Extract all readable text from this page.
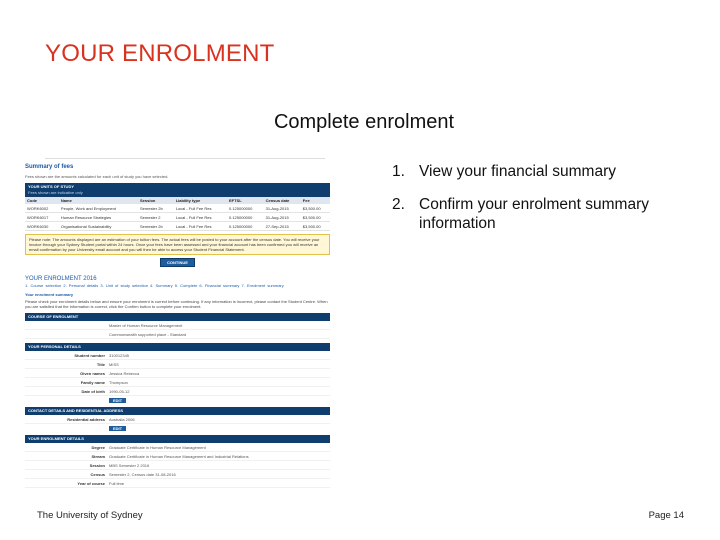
YOUR ENROLMENT
Complete enrolment
Summary of fees
Fees shown are the amounts calculated for each unit of study you have selected.
YOUR UNITS OF STUDY
Fees shown are indicative only
Code	Name	Session	Liability type	EFTSL	Census date	Fee
WORK6002	People, Work and Employment	Semester 2b	Local - Full Fee Res	0.125000000	31-Aug-2015	$3,500.00
WORK6017	Human Resource Strategies	Semester 2	Local - Full Fee Res	0.125000000	31-Aug-2015	$3,500.00
WORK6030	Organisational Sustainability	Semester 2b	Local - Full Fee Res	0.125000000	27-Sep-2015	$3,500.00
Please note: The amounts displayed are an estimation of your tuition fees. The actual fees will be posted to your account after the census date. You will receive your invoice through your Sydney Student portal within 24 hours. Once your fees have been assessed and your financial account has been confirmed you will receive an email confirmation by your University email account and you will then be able to access your Student Financial Statement.
CONTINUE
YOUR ENROLMENT 2016
1. Course selection 2. Personal details 3. Unit of study selection 4. Summary 5. Complete 6. Financial summary 7. Enrolment summary
Your enrolment summary
Please check your enrolment details below and ensure your enrolment is correct before continuing. If any information is incorrect, please contact the Student Centre. When you are satisfied that the information is correct, click the Confirm button to complete your enrolment.
COURSE OF ENROLMENT
Master of Human Resource Management
Commonwealth supported place - Standard
YOUR PERSONAL DETAILS
Student number	310012345
Title	MISS
Given names	Jessica Rebecca
Family name	Thompson
Date of birth	1990-05-12
EDIT
CONTACT DETAILS AND RESIDENTIAL ADDRESS
Residential address	Australia 2006
EDIT
YOUR ENROLMENT DETAILS
Degree	Graduate Certificate in Human Resource Management
Stream	Graduate Certificate in Human Resource Management and Industrial Relations
Session	MBS Semester 2 2016
Census	Semester 2, Census date 31-08-2016
Year of course	Full time
1. View your financial summary
2. Confirm your enrolment summary information
The University of Sydney	Page 14
